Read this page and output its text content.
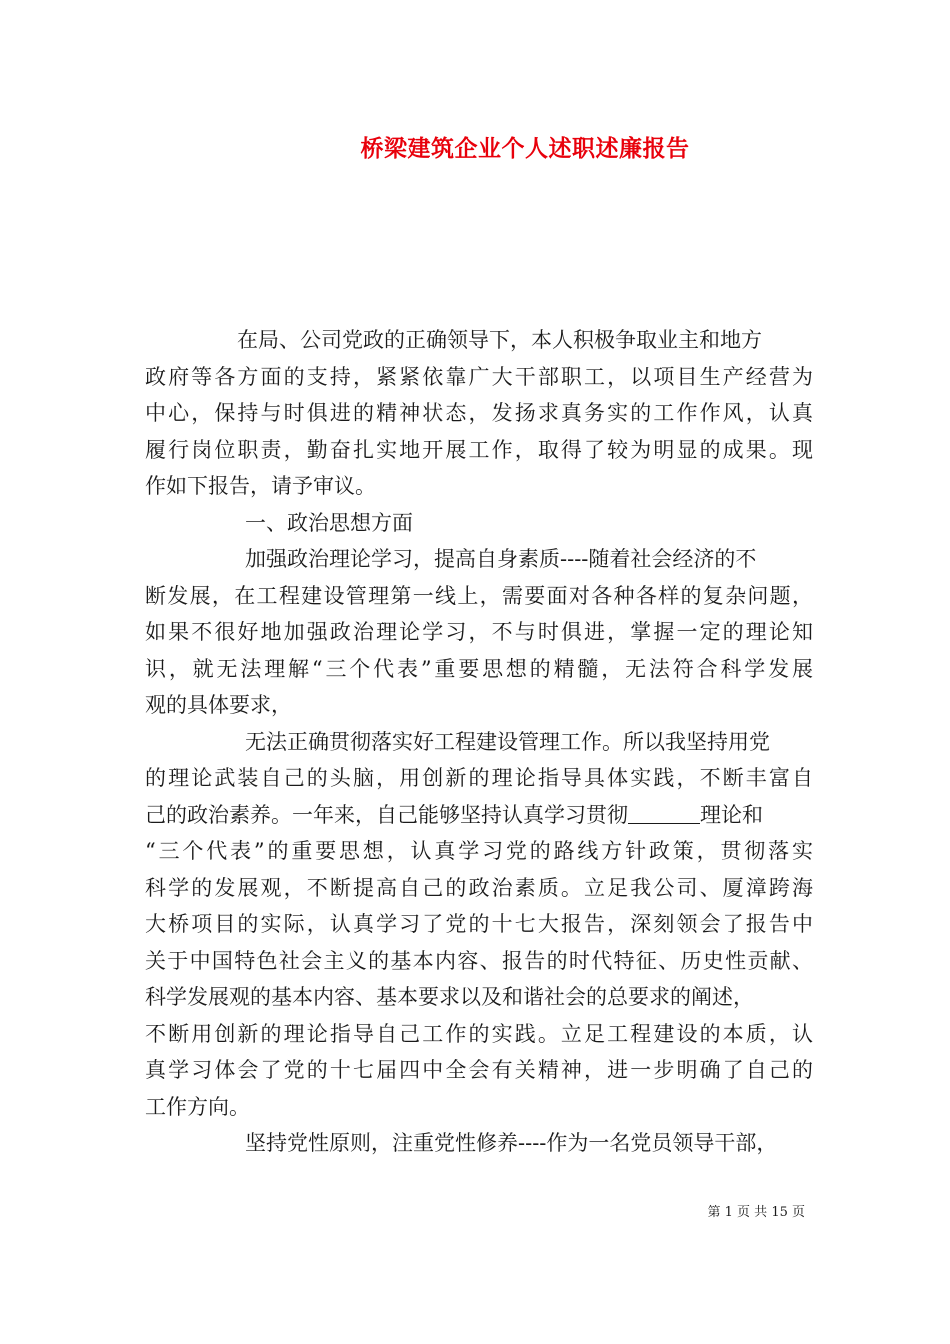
桥梁建筑企业个人述职述廉报告
在局、公司党政的正确领导下，本人积极争取业主和地方
政府等各方面的支持，紧紧依靠广大干部职工，以项目生产经营为
中心，保持与时俱进的精神状态，发扬求真务实的工作作风，认真
履行岗位职责，勤奋扎实地开展工作，取得了较为明显的成果。现
作如下报告，请予审议。
一、政治思想方面
加强政治理论学习，提高自身素质----随着社会经济的不
断发展，在工程建设管理第一线上，需要面对各种各样的复杂问题，
如果不很好地加强政治理论学习，不与时俱进，掌握一定的理论知
识，就无法理解“三个代表”重要思想的精髓，无法符合科学发展
观的具体要求，
无法正确贯彻落实好工程建设管理工作。所以我坚持用党
的理论武装自己的头脑，用创新的理论指导具体实践，不断丰富自
己的政治素养。一年来，自己能够坚持认真学习贯彻	理论和
“三个代表”的重要思想，认真学习党的路线方针政策，贯彻落实
科学的发展观，不断提高自己的政治素质。立足我公司、厦漳跨海
大桥项目的实际，认真学习了党的十七大报告，深刻领会了报告中
关于中国特色社会主义的基本内容、报告的时代特征、历史性贡献、
科学发展观的基本内容、基本要求以及和谐社会的总要求的阐述，
不断用创新的理论指导自己工作的实践。立足工程建设的本质，认
真学习体会了党的十七届四中全会有关精神，进一步明确了自己的
工作方向。
坚持党性原则，注重党性修养----作为一名党员领导干部，
第 1 页 共 15 页
